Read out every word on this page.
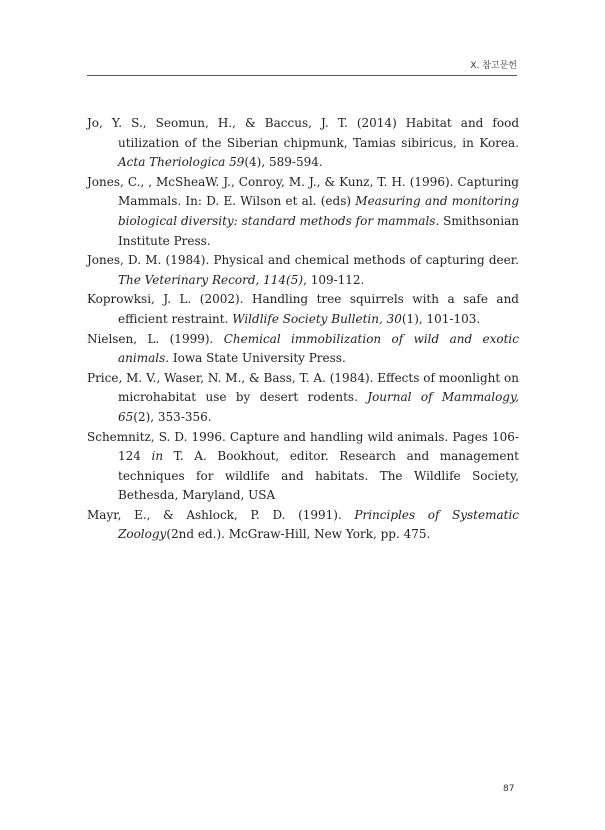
X. 참고문헌

Jo, Y. S., Seomun, H., & Baccus, J. T. (2014) Habitat and food utilization of the Siberian chipmunk, Tamias sibiricus, in Korea. Acta Theriologica 59(4), 589-594.

Jones, C., , McSheaW. J., Conroy, M. J., & Kunz, T. H. (1996). Capturing Mammals. In: D. E. Wilson et al. (eds) Measuring and monitoring biological diversity: standard methods for mammals. Smithsonian Institute Press.

Jones, D. M. (1984). Physical and chemical methods of capturing deer. The Veterinary Record, 114(5), 109-112.

Koprowksi, J. L. (2002). Handling tree squirrels with a safe and efficient restraint. Wildlife Society Bulletin, 30(1), 101-103.

Nielsen, L. (1999). Chemical immobilization of wild and exotic animals. Iowa State University Press.

Price, M. V., Waser, N. M., & Bass, T. A. (1984). Effects of moonlight on microhabitat use by desert rodents. Journal of Mammalogy, 65(2), 353-356.

Schemnitz, S. D. 1996. Capture and handling wild animals. Pages 106-124 in T. A. Bookhout, editor. Research and management techniques for wildlife and habitats. The Wildlife Society, Bethesda, Maryland, USA

Mayr, E., & Ashlock, P. D. (1991). Principles of Systematic Zoology(2nd ed.). McGraw-Hill, New York, pp. 475.

87
